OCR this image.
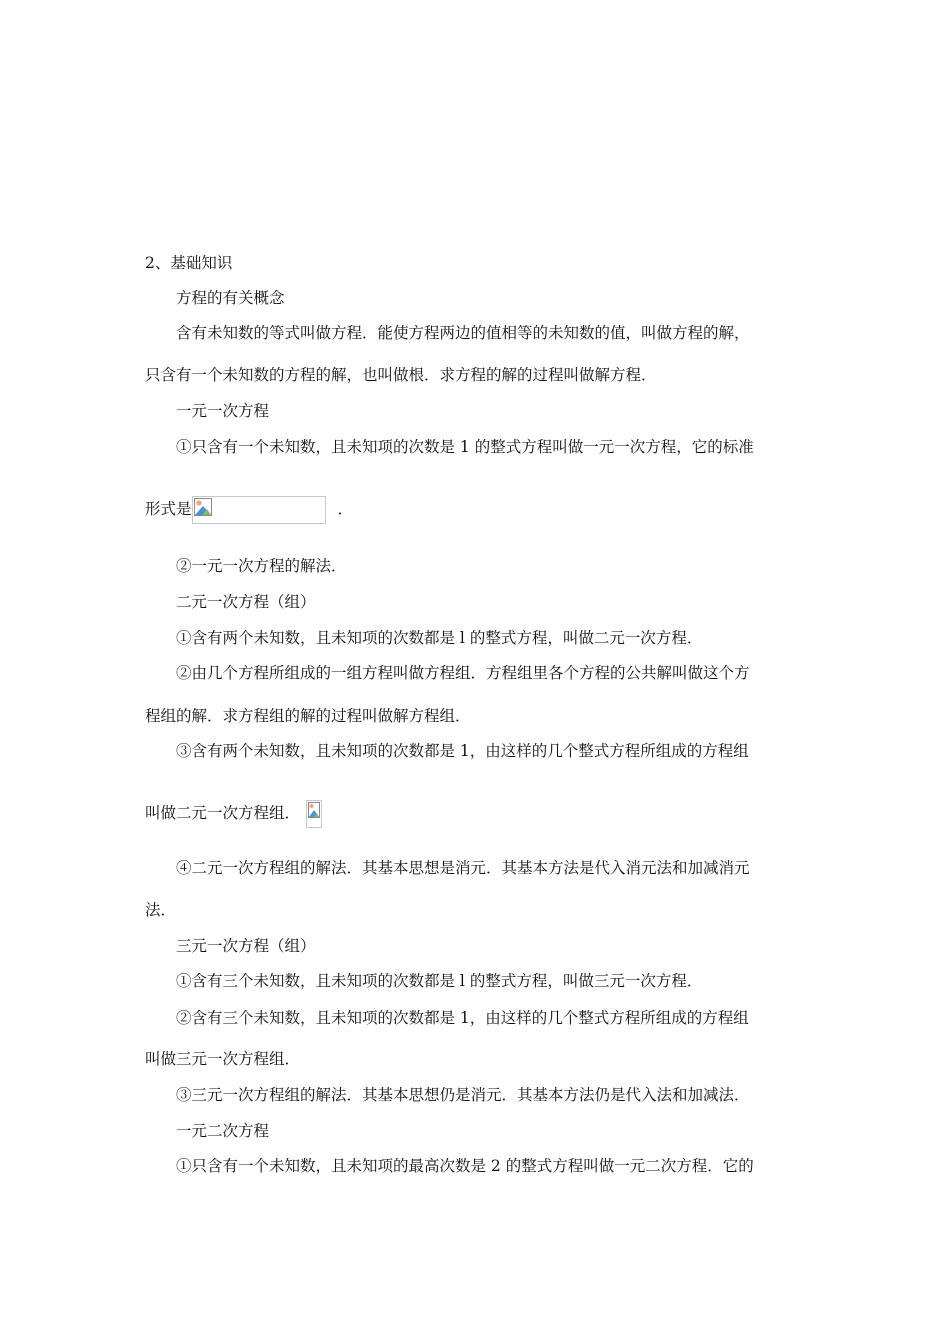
2、基础知识
方程的有关概念
含有未知数的等式叫做方程．能使方程两边的值相等的未知数的值，叫做方程的解，
只含有一个未知数的方程的解，也叫做根．求方程的解的过程叫做解方程．
一元一次方程
①只含有一个未知数，且未知项的次数是 1 的整式方程叫做一元一次方程，它的标准
形式是	．
②一元一次方程的解法．
二元一次方程（组）
①含有两个未知数，且未知项的次数都是 l 的整式方程，叫做二元一次方程．
②由几个方程所组成的一组方程叫做方程组．方程组里各个方程的公共解叫做这个方
程组的解．求方程组的解的过程叫做解方程组．
③含有两个未知数，且未知项的次数都是 1，由这样的几个整式方程所组成的方程组
叫做二元一次方程组．
④二元一次方程组的解法．其基本思想是消元．其基本方法是代入消元法和加减消元
法．
三元一次方程（组）
①含有三个未知数，且未知项的次数都是 l 的整式方程，叫做三元一次方程．
②含有三个未知数，且未知项的次数都是 1，由这样的几个整式方程所组成的方程组
叫做三元一次方程组．
③三元一次方程组的解法．其基本思想仍是消元．其基本方法仍是代入法和加减法．
一元二次方程
①只含有一个未知数，且未知项的最高次数是 2 的整式方程叫做一元二次方程．它的
